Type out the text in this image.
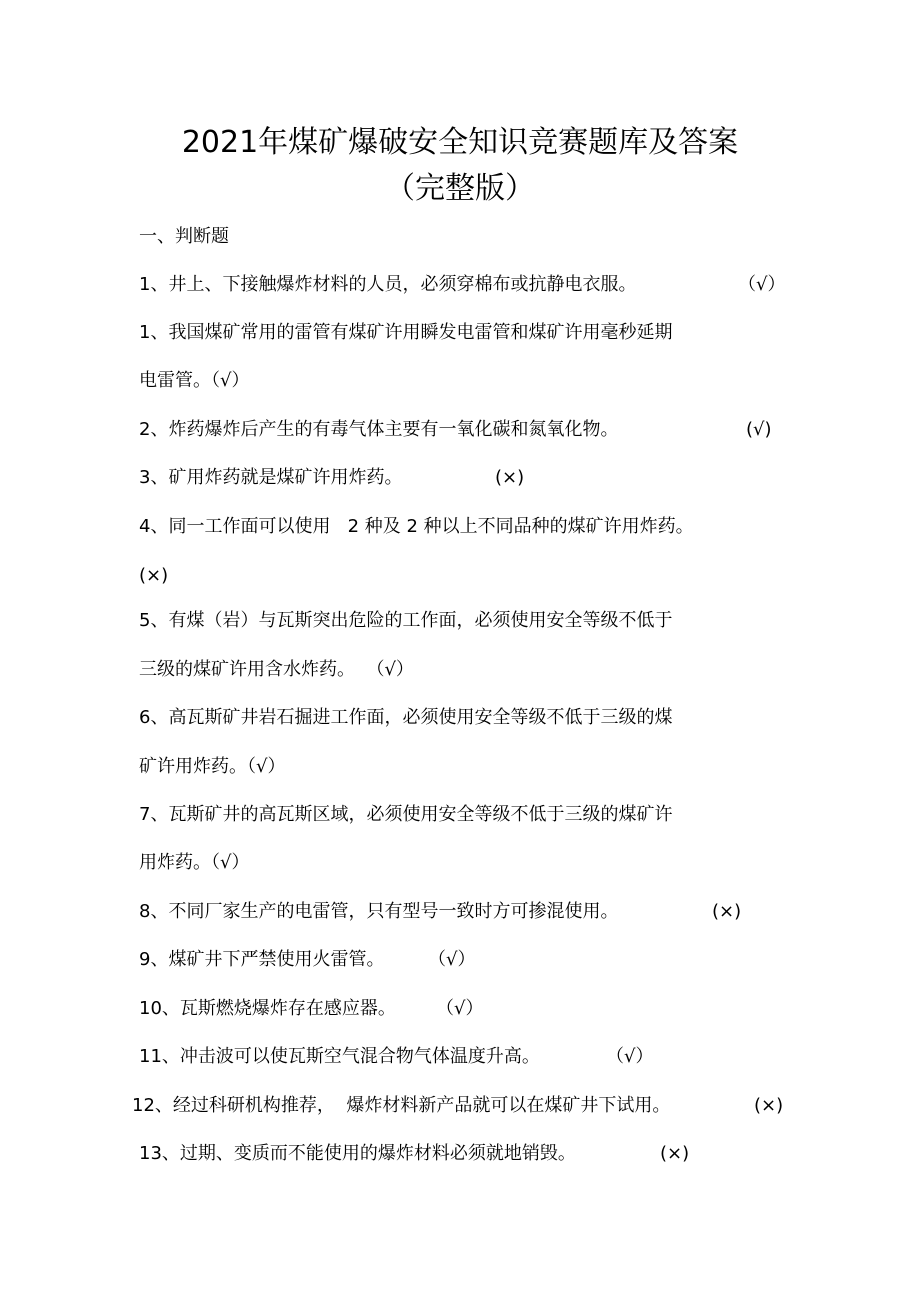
2021年煤矿爆破安全知识竞赛题库及答案
（完整版）

一、判断题

1、井上、下接触爆炸材料的人员，必须穿棉布或抗静电衣服。	（√）

1、我国煤矿常用的雷管有煤矿许用瞬发电雷管和煤矿许用毫秒延期

电雷管。（√）

2、炸药爆炸后产生的有毒气体主要有一氧化碳和氮氧化物。	(√)

3、矿用炸药就是煤矿许用炸药。	(×)

4、同一工作面可以使用   2 种及 2 种以上不同品种的煤矿许用炸药。

(×)

5、有煤（岩）与瓦斯突出危险的工作面，必须使用安全等级不低于

三级的煤矿许用含水炸药。  （√）

6、高瓦斯矿井岩石掘进工作面，必须使用安全等级不低于三级的煤

矿许用炸药。（√）

7、瓦斯矿井的高瓦斯区域，必须使用安全等级不低于三级的煤矿许

用炸药。（√）

8、不同厂家生产的电雷管，只有型号一致时方可掺混使用。	(×)

9、煤矿井下严禁使用火雷管。 （√）

10、瓦斯燃烧爆炸存在感应器。 （√）

11、冲击波可以使瓦斯空气混合物气体温度升高。	（√）

12、经过科研机构推荐，  爆炸材料新产品就可以在煤矿井下试用。	(×)

13、过期、变质而不能使用的爆炸材料必须就地销毁。	(×)
